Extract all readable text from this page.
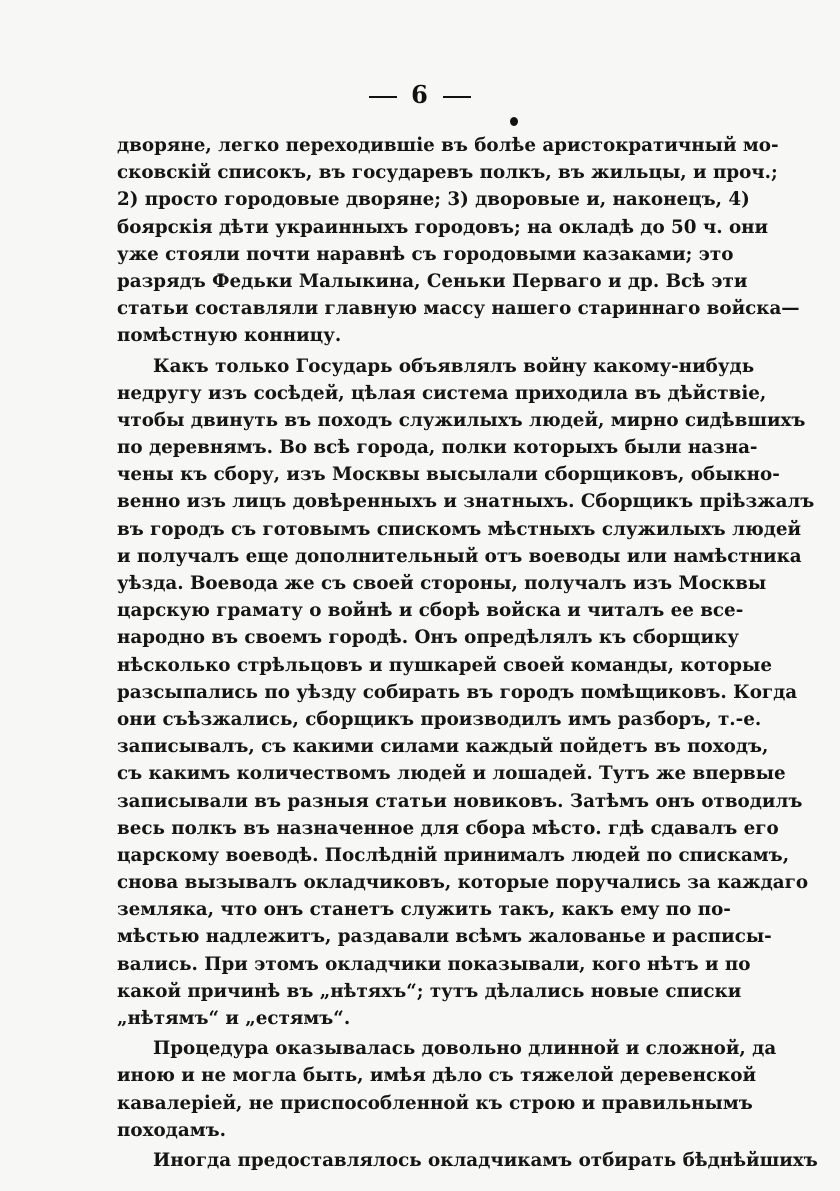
6
дворяне, легко переходившіе въ болѣе аристократичный мо-
сковскій списокъ, въ государевъ полкъ, въ жильцы, и проч.;
2) просто городовые дворяне; 3) дворовые и, наконецъ, 4)
боярскія дѣти украинныхъ городовъ; на окладѣ до 50 ч. они
уже стояли почти наравнѣ съ городовыми казаками; это
разрядъ Федьки Малыкина, Сеньки Перваго и др. Всѣ эти
статьи составляли главную массу нашего стариннаго войска—
помѣстную конницу.
Какъ только Государь объявлялъ войну какому-нибудь
недругу изъ сосѣдей, цѣлая система приходила въ дѣйствіе,
чтобы двинуть въ походъ служилыхъ людей, мирно сидѣвшихъ
по деревнямъ. Во всѣ города, полки которыхъ были назна-
чены къ сбору, изъ Москвы высылали сборщиковъ, обыкно-
венно изъ лицъ довѣренныхъ и знатныхъ. Сборщикъ пріѣзжалъ
въ городъ съ готовымъ спискомъ мѣстныхъ служилыхъ людей
и получалъ еще дополнительный отъ воеводы или намѣстника
уѣзда. Воевода же съ своей стороны, получалъ изъ Москвы
царскую грамату о войнѣ и сборѣ войска и читалъ ее все-
народно въ своемъ городѣ. Онъ опредѣлялъ къ сборщику
нѣсколько стрѣльцовъ и пушкарей своей команды, которые
разсыпались по уѣзду собирать въ городъ помѣщиковъ. Когда
они съѣзжались, сборщикъ производилъ имъ разборъ, т.-е.
записывалъ, съ какими силами каждый пойдетъ въ походъ,
съ какимъ количествомъ людей и лошадей. Тутъ же впервые
записывали въ разныя статьи новиковъ. Затѣмъ онъ отводилъ
весь полкъ въ назначенное для сбора мѣсто. гдѣ сдавалъ его
царскому воеводѣ. Послѣдній принималъ людей по спискамъ,
снова вызывалъ окладчиковъ, которые поручались за каждаго
земляка, что онъ станетъ служить такъ, какъ ему по по-
мѣстью надлежитъ, раздавали всѣмъ жалованье и расписы-
вались. При этомъ окладчики показывали, кого нѣтъ и по
какой причинѣ въ „нѣтяхъ“; тутъ дѣлались новые списки
„нѣтямъ“ и „естямъ“.
Процедура оказывалась довольно длинной и сложной, да
иною и не могла быть, имѣя дѣло съ тяжелой деревенской
кавалеріей, не приспособленной къ строю и правильнымъ
походамъ.
Иногда предоставлялось окладчикамъ отбирать бѣднѣйшихъ
